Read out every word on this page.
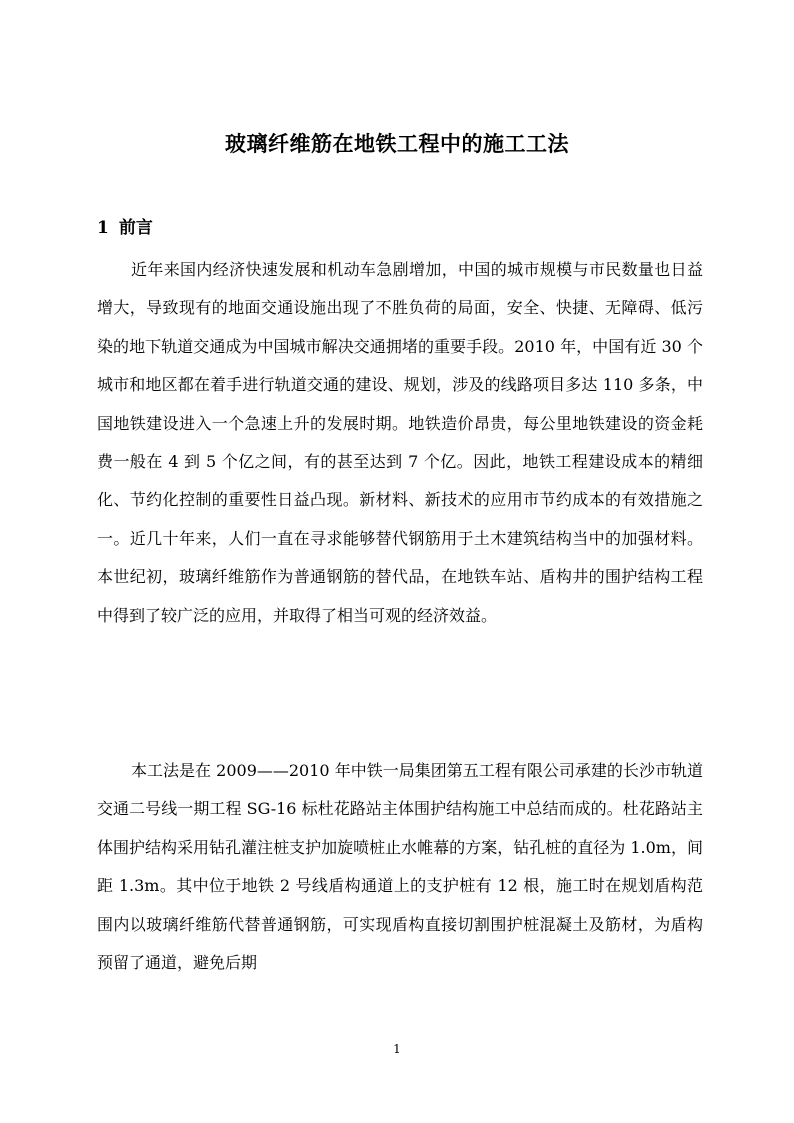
玻璃纤维筋在地铁工程中的施工工法
1 前言

近年来国内经济快速发展和机动车急剧增加，中国的城市规模与市民数量也日益增大，导致现有的地面交通设施出现了不胜负荷的局面，安全、快捷、无障碍、低污染的地下轨道交通成为中国城市解决交通拥堵的重要手段。2010 年，中国有近 30 个城市和地区都在着手进行轨道交通的建设、规划，涉及的线路项目多达 110 多条，中国地铁建设进入一个急速上升的发展时期。地铁造价昂贵，每公里地铁建设的资金耗费一般在 4 到 5 个亿之间，有的甚至达到 7 个亿。因此，地铁工程建设成本的精细化、节约化控制的重要性日益凸现。新材料、新技术的应用市节约成本的有效措施之一。近几十年来，人们一直在寻求能够替代钢筋用于土木建筑结构当中的加强材料。本世纪初，玻璃纤维筋作为普通钢筋的替代品，在地铁车站、盾构井的围护结构工程中得到了较广泛的应用，并取得了相当可观的经济效益。

本工法是在 2009——2010 年中铁一局集团第五工程有限公司承建的长沙市轨道交通二号线一期工程 SG-16 标杜花路站主体围护结构施工中总结而成的。杜花路站主体围护结构采用钻孔灌注桩支护加旋喷桩止水帷幕的方案，钻孔桩的直径为 1.0m，间距 1.3m。其中位于地铁 2 号线盾构通道上的支护桩有 12 根，施工时在规划盾构范围内以玻璃纤维筋代替普通钢筋，可实现盾构直接切割围护桩混凝土及筋材，为盾构预留了通道，避免后期

1
